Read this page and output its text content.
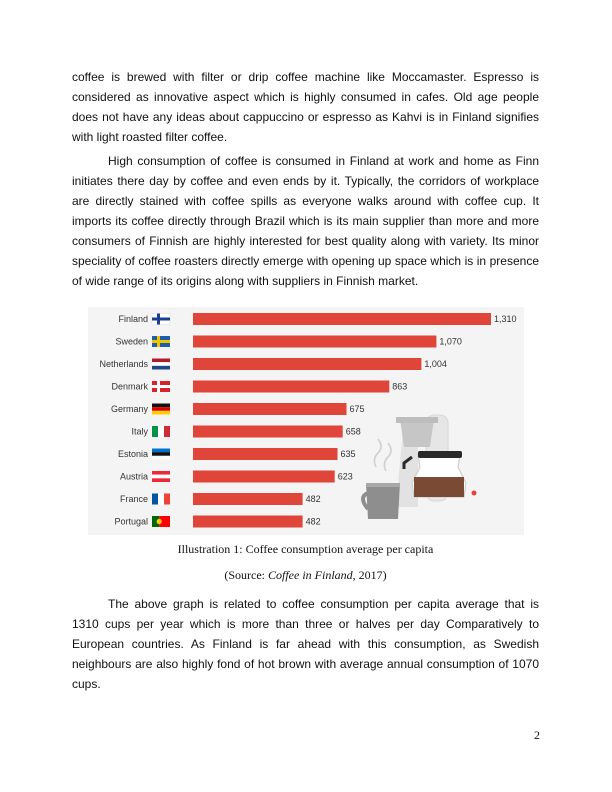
coffee is brewed with filter or drip coffee machine like Moccamaster. Espresso is considered as innovative aspect which is highly consumed in cafes. Old age people does not have any ideas about cappuccino or espresso as Kahvi is in Finland signifies with light roasted filter coffee.

High consumption of coffee is consumed in Finland at work and home as Finn initiates there day by coffee and even ends by it. Typically, the corridors of workplace are directly stained with coffee spills as everyone walks around with coffee cup. It imports its coffee directly through Brazil which is its main supplier than more and more consumers of Finnish are highly interested for best quality along with variety. Its minor speciality of coffee roasters directly emerge with opening up space which is in presence of wide range of its origins along with suppliers in Finnish market.

Finland	1,310
Sweden	1,070
Netherlands	1,004
Denmark	863
Germany	675
Italy	658
Estonia	635
Austria	623
France	482
Portugal	482

Illustration 1: Coffee consumption average per capita

(Source: Coffee in Finland, 2017)

The above graph is related to coffee consumption per capita average that is 1310 cups per year which is more than three or halves per day Comparatively to European countries. As Finland is far ahead with this consumption, as Swedish neighbours are also highly fond of hot brown with average annual consumption of 1070 cups.

2
